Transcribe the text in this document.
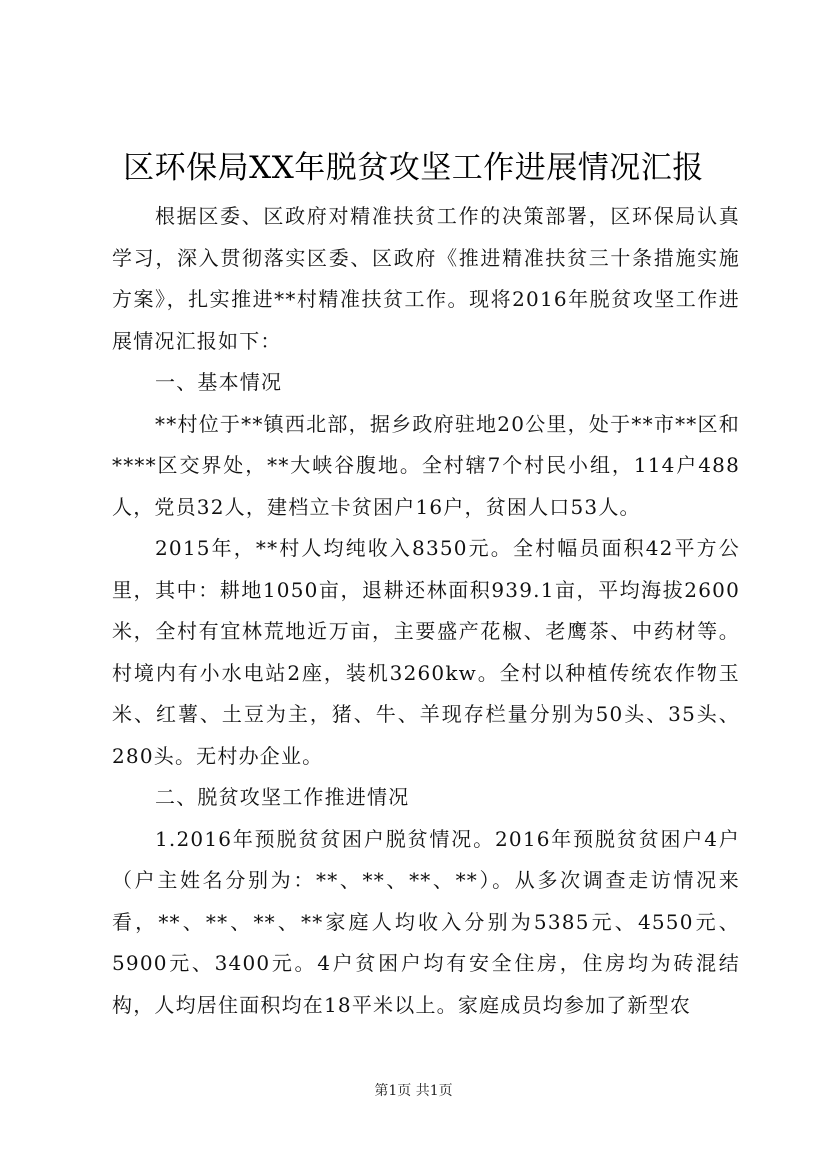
区环保局XX年脱贫攻坚工作进展情况汇报

根据区委、区政府对精准扶贫工作的决策部署，区环保局认真学习，深入贯彻落实区委、区政府《推进精准扶贫三十条措施实施方案》，扎实推进**村精准扶贫工作。现将2016年脱贫攻坚工作进展情况汇报如下：

一、基本情况

**村位于**镇西北部，据乡政府驻地20公里，处于**市**区和****区交界处，**大峡谷腹地。全村辖7个村民小组，114户488人，党员32人，建档立卡贫困户16户，贫困人口53人。

2015年，**村人均纯收入8350元。全村幅员面积42平方公里，其中：耕地1050亩，退耕还林面积939.1亩，平均海拔2600米，全村有宜林荒地近万亩，主要盛产花椒、老鹰茶、中药材等。村境内有小水电站2座，装机3260kw。全村以种植传统农作物玉米、红薯、土豆为主，猪、牛、羊现存栏量分别为50头、35头、280头。无村办企业。

二、脱贫攻坚工作推进情况

1.2016年预脱贫贫困户脱贫情况。2016年预脱贫贫困户4户（户主姓名分别为：**、**、**、**）。从多次调查走访情况来看，**、**、**、**家庭人均收入分别为5385元、4550元、5900元、3400元。4户贫困户均有安全住房，住房均为砖混结构，人均居住面积均在18平米以上。家庭成员均参加了新型农

第1页 共1页
